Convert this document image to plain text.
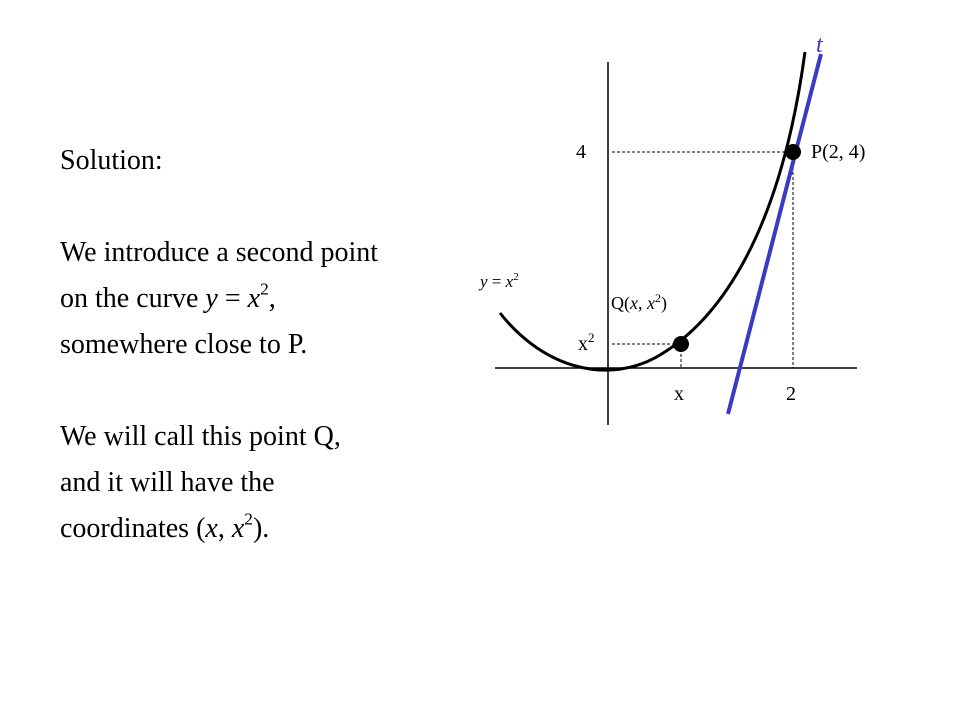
Solution:
We introduce a second point
on the curve $y = x^2$,
somewhere close to P.
We will call this point Q,
and it will have the
coordinates (x, $x^2$).
t
$y = x^2$
4
$x^2$
x	2
P(2, 4)
Q(x, $x^2$)
